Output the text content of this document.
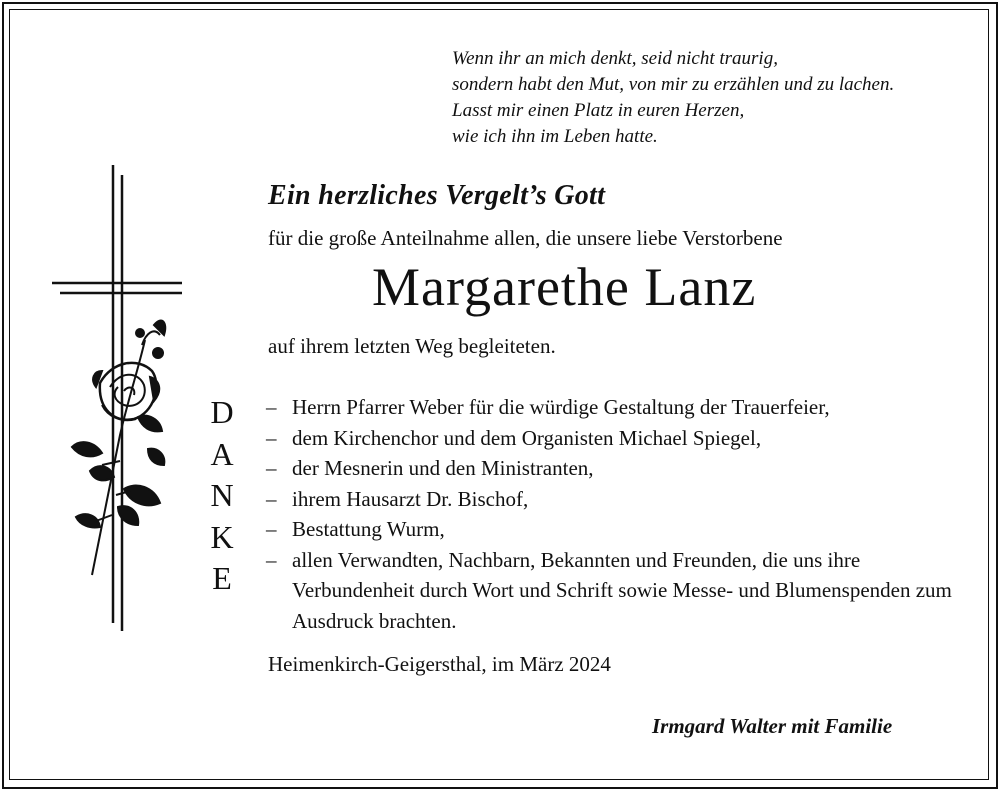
Wenn ihr an mich denkt, seid nicht traurig,
sondern habt den Mut, von mir zu erzählen und zu lachen.
Lasst mir einen Platz in euren Herzen,
wie ich ihn im Leben hatte.
Ein herzliches Vergelt’s Gott
für die große Anteilnahme allen, die unsere liebe Verstorbene
Margarethe Lanz
auf ihrem letzten Weg begleiteten.
D
A
N
K
E
– Herrn Pfarrer Weber für die würdige Gestaltung der Trauerfeier,
– dem Kirchenchor und dem Organisten Michael Spiegel,
– der Mesnerin und den Ministranten,
– ihrem Hausarzt Dr. Bischof,
– Bestattung Wurm,
– allen Verwandten, Nachbarn, Bekannten und Freunden, die uns ihre Verbundenheit durch Wort und Schrift sowie Messe- und Blumenspenden zum Ausdruck brachten.
Heimenkirch-Geigersthal, im März 2024
Irmgard Walter mit Familie
